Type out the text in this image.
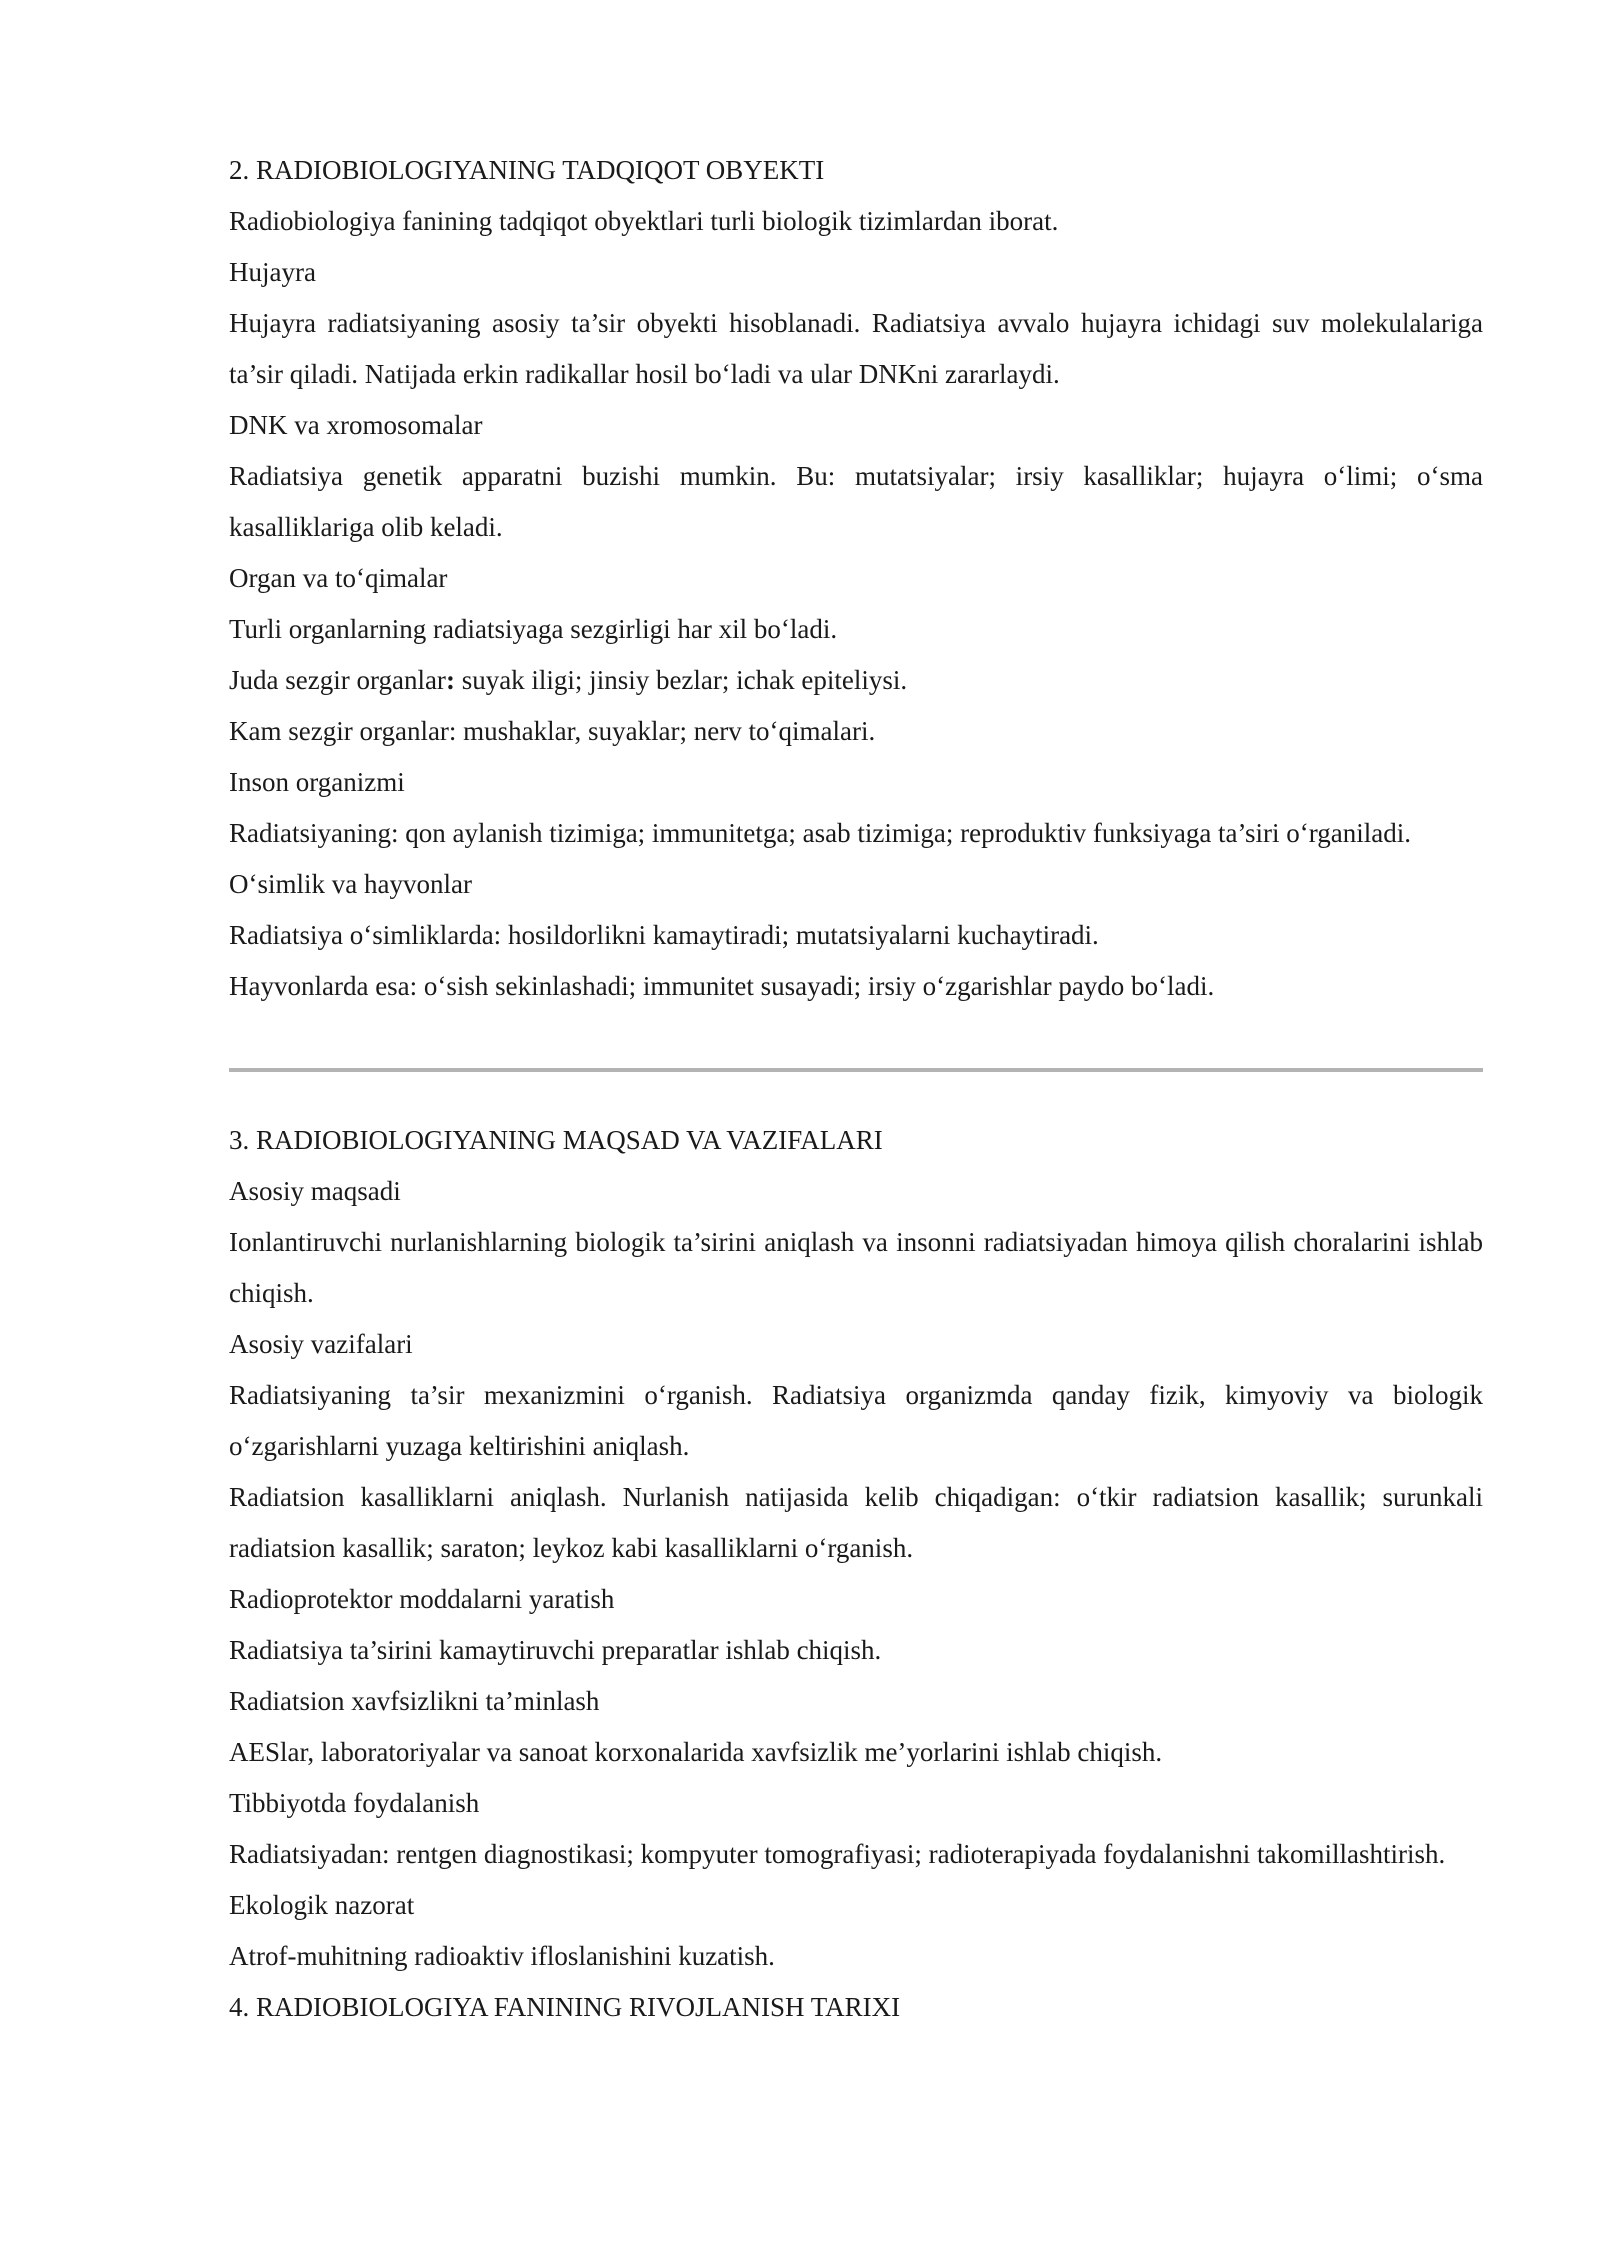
2. RADIOBIOLOGIYANING TADQIQOT OBYEKTI

Radiobiologiya fanining tadqiqot obyektlari turli biologik tizimlardan iborat.

Hujayra

Hujayra radiatsiyaning asosiy ta’sir obyekti hisoblanadi. Radiatsiya avvalo hujayra ichidagi suv molekulalariga ta’sir qiladi. Natijada erkin radikallar hosil bo‘ladi va ular DNKni zararlaydi.

DNK va xromosomalar

Radiatsiya genetik apparatni buzishi mumkin. Bu: mutatsiyalar; irsiy kasalliklar; hujayra o‘limi; o‘sma kasalliklariga olib keladi.

Organ va to‘qimalar

Turli organlarning radiatsiyaga sezgirligi har xil bo‘ladi.

Juda sezgir organlar: suyak iligi; jinsiy bezlar; ichak epiteliysi.

Kam sezgir organlar: mushaklar, suyaklar; nerv to‘qimalari.

Inson organizmi

Radiatsiyaning: qon aylanish tizimiga; immunitetga; asab tizimiga; reproduktiv funksiyaga ta’siri o‘rganiladi.

O‘simlik va hayvonlar

Radiatsiya o‘simliklarda: hosildorlikni kamaytiradi; mutatsiyalarni kuchaytiradi.

Hayvonlarda esa: o‘sish sekinlashadi; immunitet susayadi; irsiy o‘zgarishlar paydo bo‘ladi.

3. RADIOBIOLOGIYANING MAQSAD VA VAZIFALARI

Asosiy maqsadi

Ionlantiruvchi nurlanishlarning biologik ta’sirini aniqlash va insonni radiatsiyadan himoya qilish choralarini ishlab chiqish.

Asosiy vazifalari

Radiatsiyaning ta’sir mexanizmini o‘rganish. Radiatsiya organizmda qanday fizik, kimyoviy va biologik o‘zgarishlarni yuzaga keltirishini aniqlash.

Radiatsion kasalliklarni aniqlash. Nurlanish natijasida kelib chiqadigan: o‘tkir radiatsion kasallik; surunkali radiatsion kasallik; saraton; leykoz kabi kasalliklarni o‘rganish.

Radioprotektor moddalarni yaratish

Radiatsiya ta’sirini kamaytiruvchi preparatlar ishlab chiqish.

Radiatsion xavfsizlikni ta’minlash

AESlar, laboratoriyalar va sanoat korxonalarida xavfsizlik me’yorlarini ishlab chiqish.

Tibbiyotda foydalanish

Radiatsiyadan: rentgen diagnostikasi; kompyuter tomografiyasi; radioterapiyada foydalanishni takomillashtirish.

Ekologik nazorat

Atrof-muhitning radioaktiv ifloslanishini kuzatish.

4. RADIOBIOLOGIYA FANINING RIVOJLANISH TARIXI
